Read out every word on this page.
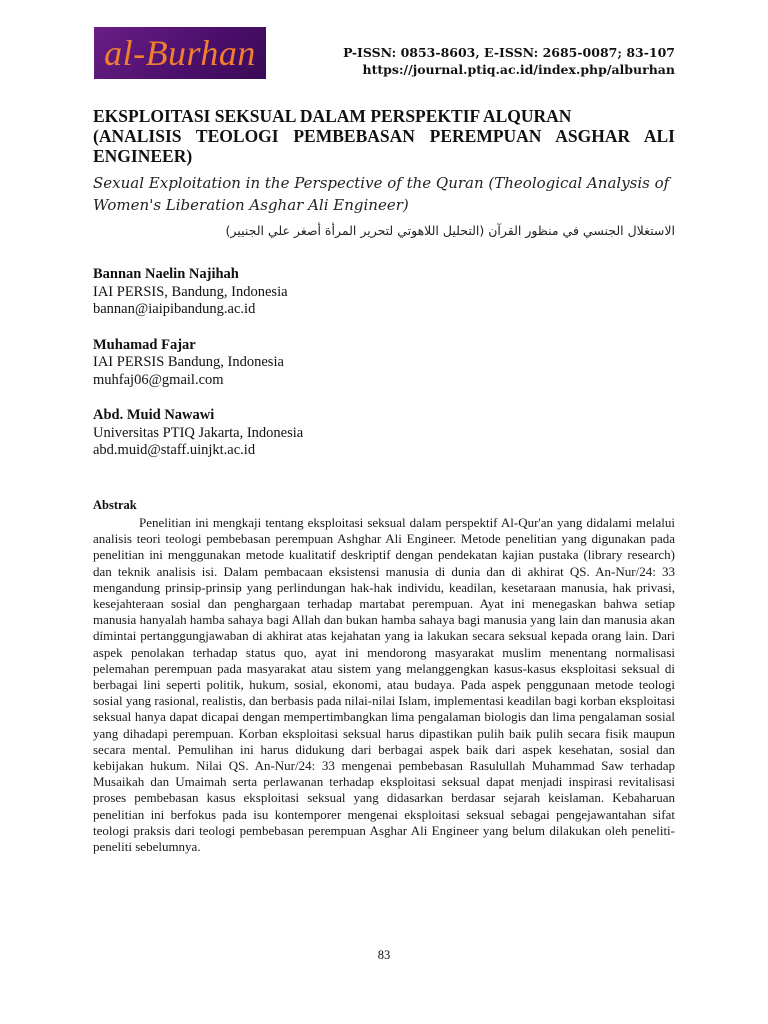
al-Burhan	P-ISSN: 0853-8603, E-ISSN: 2685-0087; 83-107
https://journal.ptiq.ac.id/index.php/alburhan
EKSPLOITASI SEKSUAL DALAM PERSPEKTIF ALQURAN
(ANALISIS TEOLOGI PEMBEBASAN PEREMPUAN ASGHAR ALI
ENGINEER)

Sexual Exploitation in the Perspective of the Quran (Theological Analysis of Women's Liberation Asghar Ali Engineer)

الاستغلال الجنسي في منظور القرآن (التحليل اللاهوتي لتحرير المرأة أصغر علي الجنيير)

Bannan Naelin Najihah
IAI PERSIS, Bandung, Indonesia
bannan@iaipibandung.ac.id
Muhamad Fajar
IAI PERSIS Bandung, Indonesia
muhfaj06@gmail.com
Abd. Muid Nawawi
Universitas PTIQ Jakarta, Indonesia
abd.muid@staff.uinjkt.ac.id

Abstrak

Penelitian ini mengkaji tentang eksploitasi seksual dalam perspektif Al-Qur'an yang didalami melalui analisis teori teologi pembebasan perempuan Ashghar Ali Engineer. Metode penelitian yang digunakan pada penelitian ini menggunakan metode kualitatif deskriptif dengan pendekatan kajian pustaka (library research) dan teknik analisis isi. Dalam pembacaan eksistensi manusia di dunia dan di akhirat QS. An-Nur/24: 33 mengandung prinsip-prinsip yang perlindungan hak-hak individu, keadilan, kesetaraan manusia, hak privasi, kesejahteraan sosial dan penghargaan terhadap martabat perempuan. Ayat ini menegaskan bahwa setiap manusia hanyalah hamba sahaya bagi Allah dan bukan hamba sahaya bagi manusia yang lain dan manusia akan dimintai pertanggungjawaban di akhirat atas kejahatan yang ia lakukan secara seksual kepada orang lain. Dari aspek penolakan terhadap status quo, ayat ini mendorong masyarakat muslim menentang normalisasi pelemahan perempuan pada masyarakat atau sistem yang melanggengkan kasus-kasus eksploitasi seksual di berbagai lini seperti politik, hukum, sosial, ekonomi, atau budaya. Pada aspek penggunaan metode teologi sosial yang rasional, realistis, dan berbasis pada nilai-nilai Islam, implementasi keadilan bagi korban eksploitasi seksual hanya dapat dicapai dengan mempertimbangkan lima pengalaman biologis dan lima pengalaman sosial yang dihadapi perempuan. Korban eksploitasi seksual harus dipastikan pulih baik pulih secara fisik maupun secara mental. Pemulihan ini harus didukung dari berbagai aspek baik dari aspek kesehatan, sosial dan kebijakan hukum. Nilai QS. An-Nur/24: 33 mengenai pembebasan Rasulullah Muhammad Saw terhadap Musaikah dan Umaimah serta perlawanan terhadap eksploitasi seksual dapat menjadi inspirasi revitalisasi proses pembebasan kasus eksploitasi seksual yang didasarkan berdasar sejarah keislaman. Kebaharuan penelitian ini berfokus pada isu kontemporer mengenai eksploitasi seksual sebagai pengejawantahan sifat teologi praksis dari teologi pembebasan perempuan Asghar Ali Engineer yang belum dilakukan oleh peneliti-peneliti sebelumnya.

83
